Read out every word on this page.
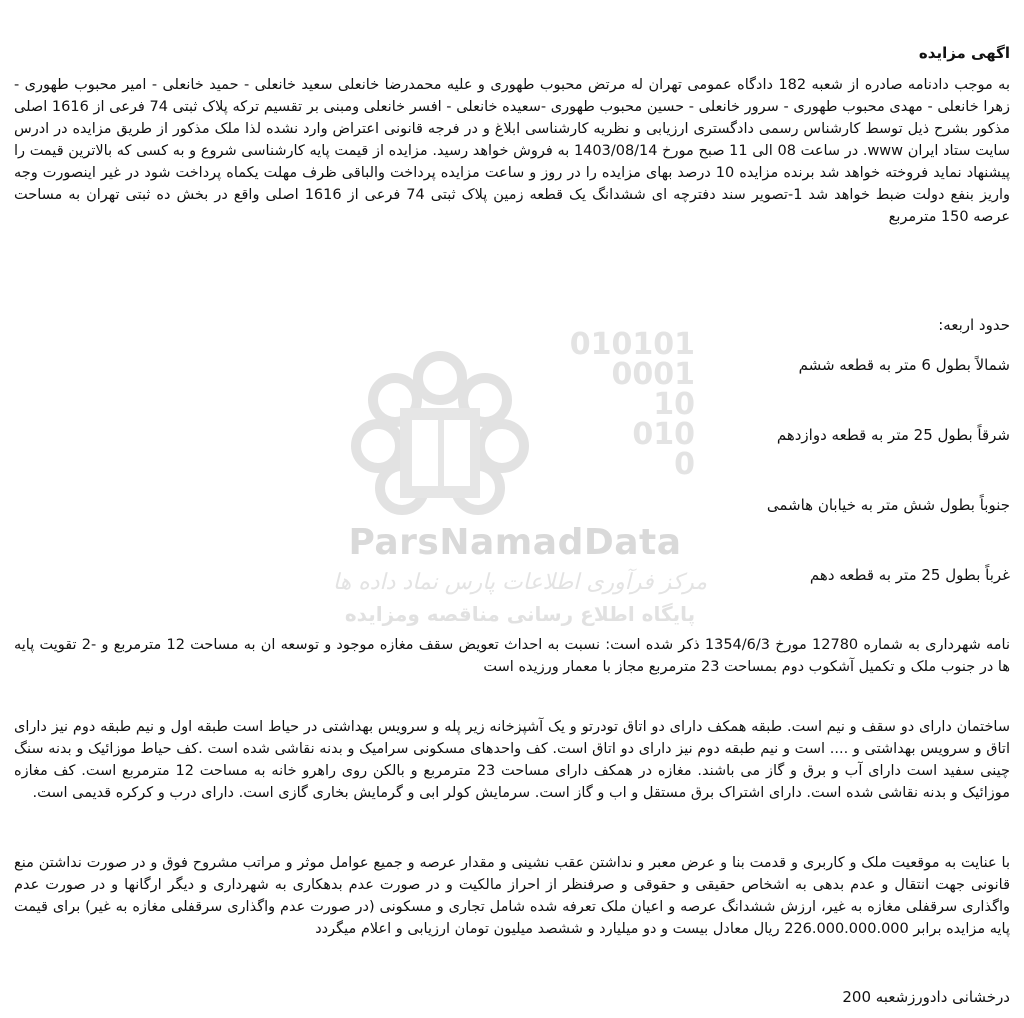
010101
0001
10
010
0
ParsNamadData
مرکز فرآوری اطلاعات پارس نماد داده ها
پایگاه اطلاع رسانی مناقصه ومزایده
اگهی مزایده
به موجب دادنامه صادره از شعبه 182 دادگاه عمومی تهران له مرتض محبوب طهوری و علیه محمدرضا خانعلی سعید خانعلی - حمید خانعلی - امیر محبوب طهوری - زهرا خانعلی - مهدی محبوب طهوری - سرور خانعلی - حسین محبوب طهوری -سعیده خانعلی - افسر خانعلی ومبنی بر تقسیم ترکه پلاک ثبتی 74 فرعی از 1616 اصلی مذکور بشرح ذیل توسط کارشناس رسمی دادگستری ارزیابی و نظریه کارشناسی ابلاغ و در فرجه قانونی اعتراض وارد نشده لذا ملک مذکور از طریق مزایده در ادرس سایت ستاد ایران www. در ساعت 08 الی 11 صبح مورخ 1403/08/14 به فروش خواهد رسید. مزایده از قیمت پایه کارشناسی شروع و به کسی که بالاترین قیمت را پیشنهاد نماید فروخته خواهد شد برنده مزایده 10 درصد بهای مزایده را در روز و ساعت مزایده پرداخت والباقی ظرف مهلت یکماه پرداخت شود در غیر اینصورت وجه واریز بنفع دولت ضبط خواهد شد 1-تصویر سند دفترچه ای ششدانگ یک قطعه زمین پلاک ثبتی 74 فرعی از 1616 اصلی واقع در بخش ده ثبتی تهران به مساحت عرصه 150 مترمربع
حدود اربعه:
شمالاً بطول 6 متر به قطعه ششم
شرقاً بطول 25 متر به قطعه دوازدهم
جنوباً بطول شش متر به خیابان هاشمی
غرباً بطول 25 متر به قطعه دهم
نامه شهرداری به شماره 12780 مورخ 1354/6/3 ذکر شده است: نسبت به احداث تعویض سقف مغازه موجود و توسعه ان به مساحت 12 مترمربع و -2 تقویت پایه ها در جنوب ملک و تکمیل آشکوب دوم بمساحت 23 مترمربع مجاز با معمار ورزیده است
ساختمان دارای دو سقف و نیم است. طبقه همکف دارای دو اتاق تودرتو و یک آشپزخانه زیر پله و سرویس بهداشتی در حیاط است طبقه اول و نیم طبقه دوم نیز دارای اتاق و سرویس بهداشتی و .... است و نیم طبقه دوم نیز دارای دو اتاق است. کف واحدهای مسکونی سرامیک و بدنه نقاشی شده است .کف حیاط موزائیک و بدنه سنگ چینی سفید است دارای آب و برق و گاز می باشند. مغازه در همکف دارای مساحت 23 مترمربع و بالکن روی راهرو خانه به مساحت 12 مترمربع است. کف مغازه موزائیک و بدنه نقاشی شده است. دارای اشتراک برق مستقل و اب و گاز است. سرمایش کولر ابی و گرمایش بخاری گازی است. دارای درب و کرکره قدیمی است.
با عنایت به موقعیت ملک و کاربری و قدمت بنا و عرض معبر و نداشتن عقب نشینی و مقدار عرصه و جمیع عوامل موثر و مراتب مشروح فوق و در صورت نداشتن منع قانونی جهت انتقال و عدم بدهی به اشخاص حقیقی و حقوقی و صرفنظر از احراز مالکیت و در صورت عدم بدهکاری به شهرداری و دیگر ارگانها و در صورت عدم واگذاری سرقفلی مغازه به غیر، ارزش ششدانگ عرصه و اعیان ملک تعرفه شده شامل تجاری و مسکونی (در صورت عدم واگذاری سرقفلی مغازه به غیر) برای قیمت پایه مزایده برابر 226.000.000.000 ریال معادل بیست و دو میلیارد و ششصد میلیون تومان ارزیابی و اعلام میگردد
درخشانی دادورزشعبه 200
